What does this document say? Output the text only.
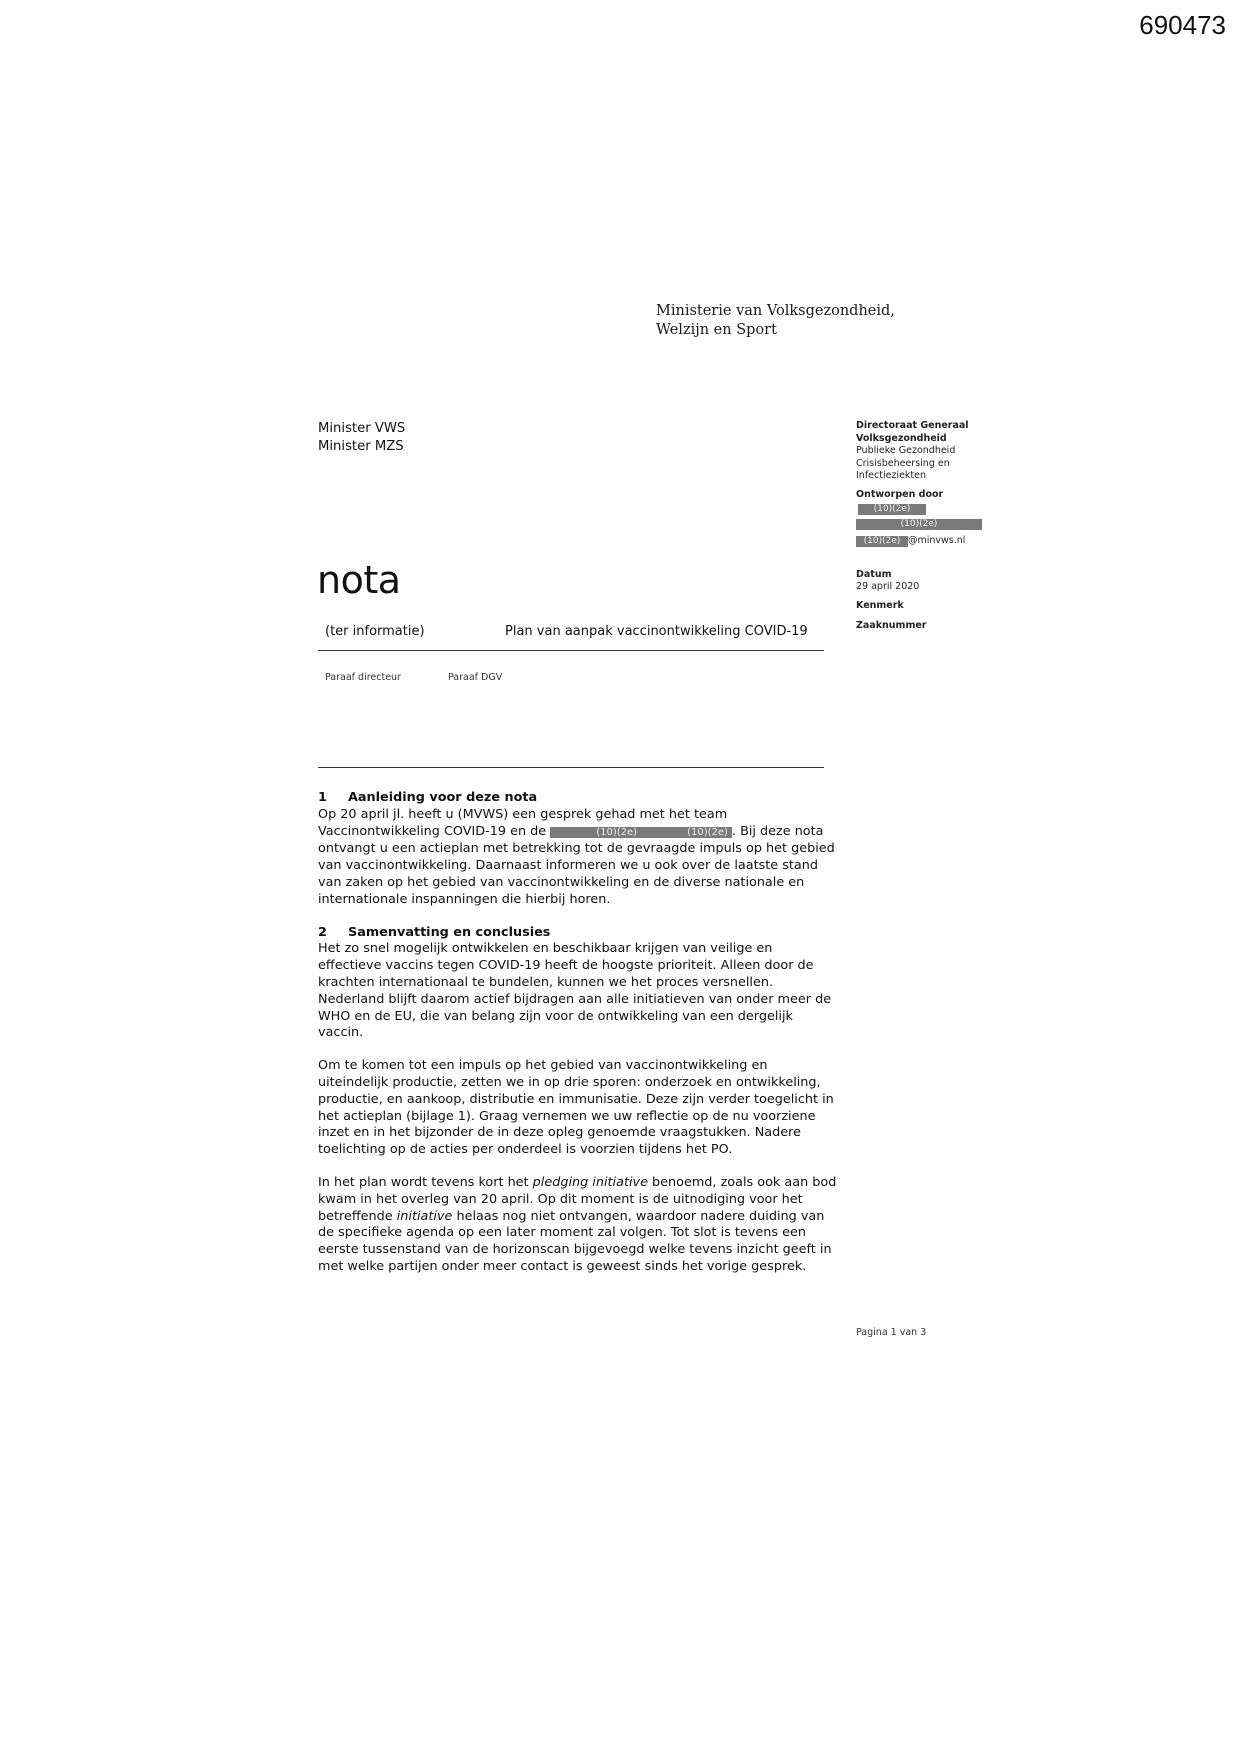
690473
Ministerie van Volksgezondheid,
Welzijn en Sport
Minister VWS
Minister MZS
Directoraat Generaal
Volksgezondheid
Publieke Gezondheid
Crisisbeheersing en
Infectieziekten
Ontworpen door
(10)(2e)
(10)(2e)
(10)(2e) @minvws.nl
Datum
29 april 2020
Kenmerk
Zaaknummer
nota
(ter informatie)	Plan van aanpak vaccinontwikkeling COVID-19
Paraaf directeur	Paraaf DGV
1 Aanleiding voor deze nota

Op 20 april jl. heeft u (MVWS) een gesprek gehad met het team Vaccinontwikkeling COVID-19 en de	(10)(2e)	(10)(2e) . Bij deze nota ontvangt u een actieplan met betrekking tot de gevraagde impuls op het gebied van vaccinontwikkeling. Daarnaast informeren we u ook over de laatste stand van zaken op het gebied van vaccinontwikkeling en de diverse nationale en internationale inspanningen die hierbij horen.

2 Samenvatting en conclusies

Het zo snel mogelijk ontwikkelen en beschikbaar krijgen van veilige en effectieve vaccins tegen COVID-19 heeft de hoogste prioriteit. Alleen door de krachten internationaal te bundelen, kunnen we het proces versnellen. Nederland blijft daarom actief bijdragen aan alle initiatieven van onder meer de WHO en de EU, die van belang zijn voor de ontwikkeling van een dergelijk vaccin.

Om te komen tot een impuls op het gebied van vaccinontwikkeling en uiteindelijk productie, zetten we in op drie sporen: onderzoek en ontwikkeling, productie, en aankoop, distributie en immunisatie. Deze zijn verder toegelicht in het actieplan (bijlage 1). Graag vernemen we uw reflectie op de nu voorziene inzet en in het bijzonder de in deze opleg genoemde vraagstukken. Nadere toelichting op de acties per onderdeel is voorzien tijdens het PO.

In het plan wordt tevens kort het pledging initiative benoemd, zoals ook aan bod kwam in het overleg van 20 april. Op dit moment is de uitnodiging voor het betreffende initiative helaas nog niet ontvangen, waardoor nadere duiding van de specifieke agenda op een later moment zal volgen. Tot slot is tevens een eerste tussenstand van de horizonscan bijgevoegd welke tevens inzicht geeft in met welke partijen onder meer contact is geweest sinds het vorige gesprek.

Pagina 1 van 3
